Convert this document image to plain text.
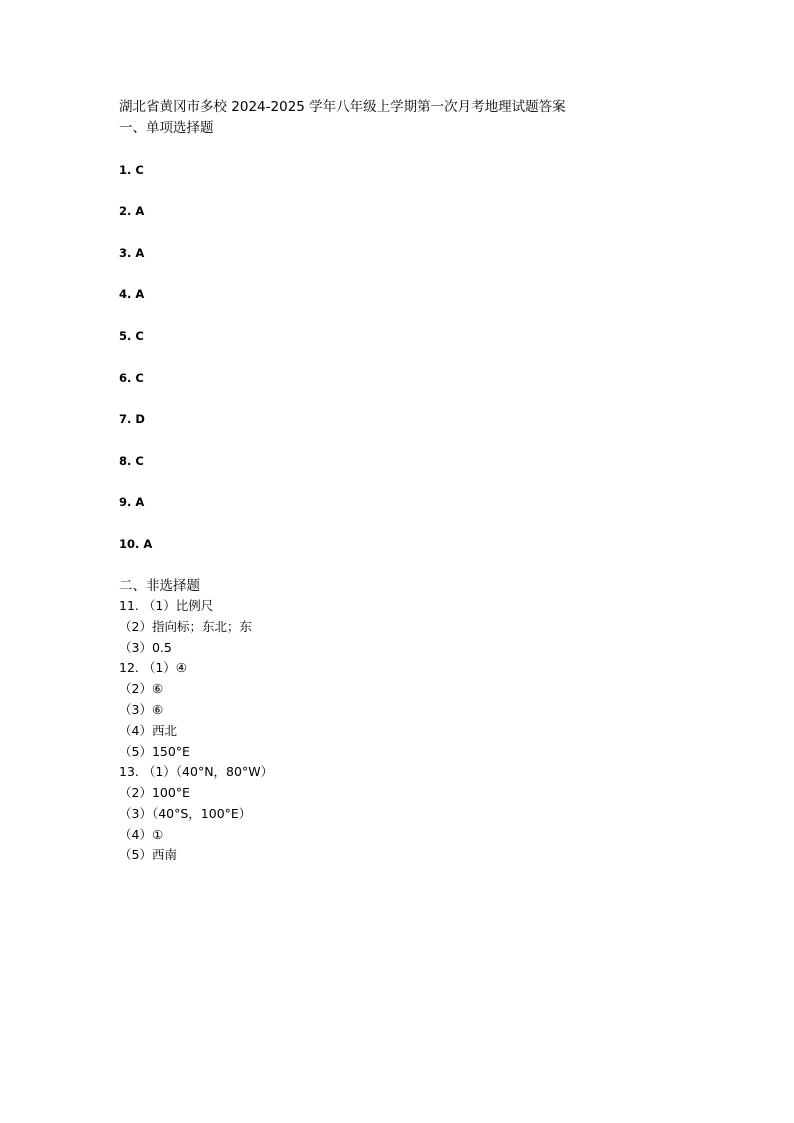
湖北省黄冈市多校 2024-2025 学年八年级上学期第一次月考地理试题答案
一、单项选择题
1. C
2. A
3. A
4. A
5. C
6. C
7. D
8. C
9. A
10. A
二、非选择题
11. （1）比例尺
（2）指向标；东北；东
（3）0.5
12. （1）④
（2）⑥
（3）⑥
（4）西北
（5）150°E
13. （1）（40°N，80°W）
（2）100°E
（3）（40°S，100°E）
（4）①
（5）西南
